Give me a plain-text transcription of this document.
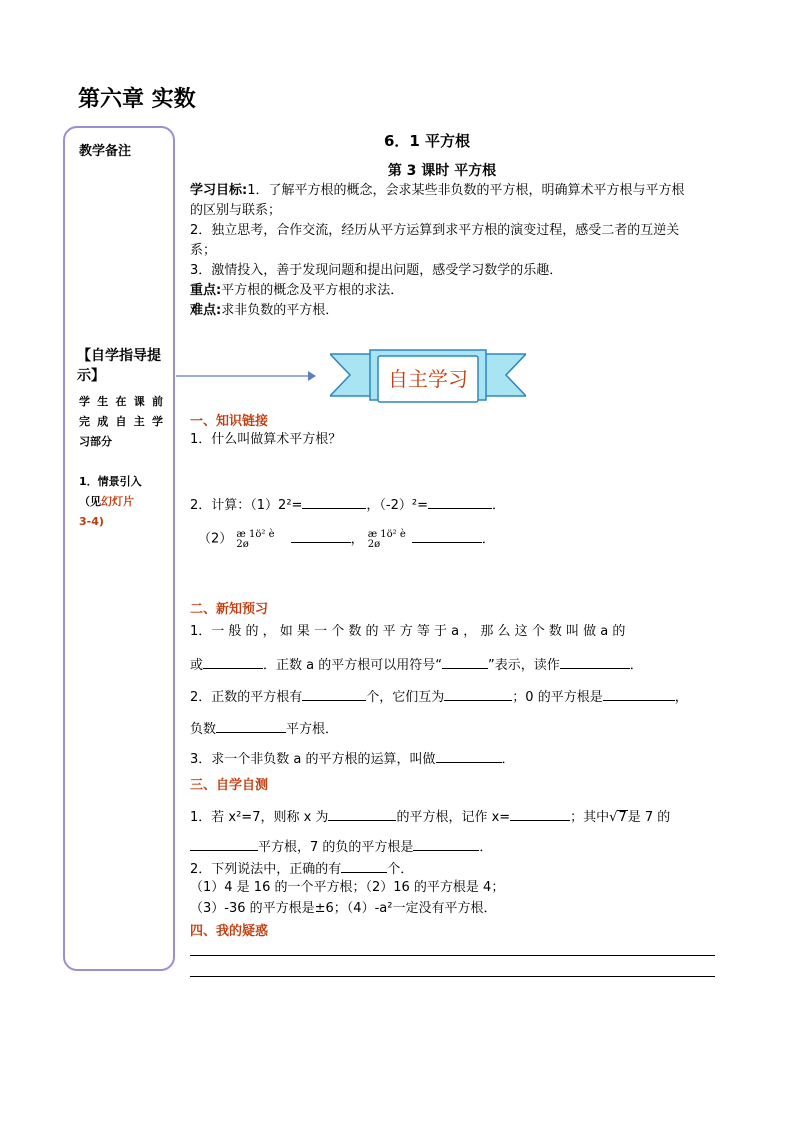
第六章 实数
教学备注
【自学指导提示】
学生在课前
完成自主学
习部分
1．情景引入
（见幻灯片
3-4)
6．1 平方根
第 3 课时 平方根
学习目标:1．了解平方根的概念，会求某些非负数的平方根，明确算术平方根与平方根
的区别与联系；
2．独立思考，合作交流，经历从平方运算到求平方根的演变过程，感受二者的互逆关
系；
3．激情投入，善于发现问题和提出问题，感受学习数学的乐趣．
重点:平方根的概念及平方根的求法．
难点:求非负数的平方根．
自主学习
一、知识链接
1．什么叫做算术平方根？
2．计算：（1）2²=	，（-2）²=	．
（2） æ 1ö² è 2ø	， æ 1ö² è 2ø	．
二、新知预习
1．一 般 的 ， 如 果 一 个 数 的 平 方 等 于 a ， 那 么 这 个 数 叫 做 a 的
或	．正数 a 的平方根可以用符号“	”表示，读作	．
2．正数的平方根有	个，它们互为	；0 的平方根是	，
负数	平方根．
3．求一个非负数 a 的平方根的运算，叫做	．
三、自学自测
1．若 x²=7，则称 x 为	的平方根，记作 x=	；其中√7是 7 的
平方根，7 的负的平方根是	．
2．下列说法中，正确的有	个．
（1）4 是 16 的一个平方根；（2）16 的平方根是 4；
（3）-36 的平方根是±6；（4）-a²一定没有平方根．
四、我的疑惑
